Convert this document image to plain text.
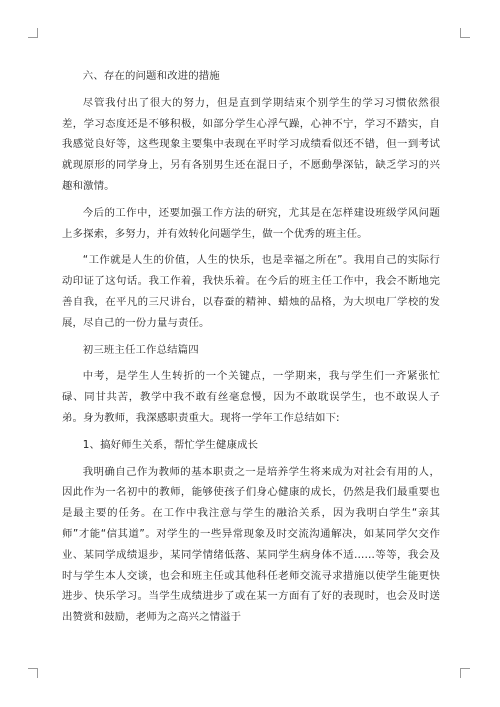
六、存在的问题和改进的措施

尽管我付出了很大的努力，但是直到学期结束个别学生的学习习惯依然很差，学习态度还是不够积极，如部分学生心浮气躁，心神不宁，学习不踏实，自我感觉良好等，这些现象主要集中表现在平时学习成绩看似还不错，但一到考试就现原形的同学身上，另有各别男生还在混日子，不愿動學深钻，缺乏学习的兴趣和激情。

今后的工作中，还要加强工作方法的研究，尤其是在怎样建设班级学风问题上多探索，多努力，并有效转化问题学生，做一个优秀的班主任。

“工作就是人生的价值，人生的快乐，也是幸福之所在”。我用自己的实际行动印证了这句话。我工作着，我快乐着。在今后的班主任工作中，我会不断地完善自我，在平凡的三尺讲台，以春蚕的精神、蜡烛的品格，为大坝电厂学校的发展，尽自己的一份力量与责任。

初三班主任工作总结篇四

中考，是学生人生转折的一个关键点，一学期来，我与学生们一齐紧张忙碌、同甘共苦，教学中我不敢有丝毫怠慢，因为不敢耽误学生，也不敢误人子弟。身为教师，我深感职责重大。现将一学年工作总结如下:

1、搞好师生关系，帮忙学生健康成长

我明确自己作为教师的基本职责之一是培养学生将来成为对社会有用的人，因此作为一名初中的教师，能够使孩子们身心健康的成长，仍然是我们最重要也是最主要的任务。在工作中我注意与学生的融洽关系，因为我明白学生“亲其师”才能“信其道”。对学生的一些异常现象及时交流沟通解决，如某同学欠交作业、某同学成绩退步，某同学情绪低落、某同学生病身体不适……等等，我会及时与学生本人交谈，也会和班主任或其他科任老师交流寻求措施以使学生能更快进步、快乐学习。当学生成绩进步了或在某一方面有了好的表现时，也会及时送出赞赏和鼓励，老师为之高兴之情溢于
